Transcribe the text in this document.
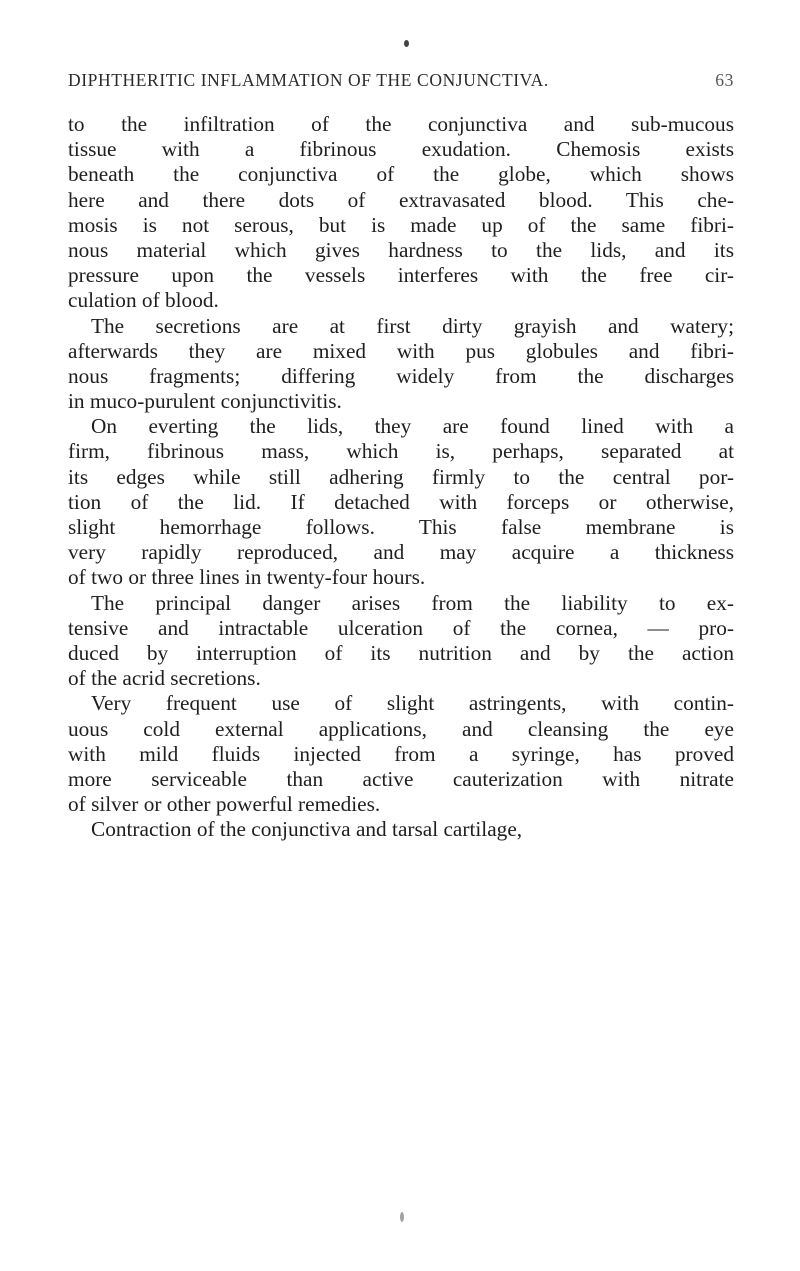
DIPHTHERITIC INFLAMMATION OF THE CONJUNCTIVA.	63
to the infiltration of the conjunctiva and sub-mucous
tissue with a fibrinous exudation. Chemosis exists
beneath the conjunctiva of the globe, which shows
here and there dots of extravasated blood. This che-
mosis is not serous, but is made up of the same fibri-
nous material which gives hardness to the lids, and its
pressure upon the vessels interferes with the free cir-
culation of blood.
The secretions are at first dirty grayish and watery;
afterwards they are mixed with pus globules and fibri-
nous fragments; differing widely from the discharges
in muco-purulent conjunctivitis.
On everting the lids, they are found lined with a
firm, fibrinous mass, which is, perhaps, separated at
its edges while still adhering firmly to the central por-
tion of the lid. If detached with forceps or otherwise,
slight hemorrhage follows. This false membrane is
very rapidly reproduced, and may acquire a thickness
of two or three lines in twenty-four hours.
The principal danger arises from the liability to ex-
tensive and intractable ulceration of the cornea, — pro-
duced by interruption of its nutrition and by the action
of the acrid secretions.
Very frequent use of slight astringents, with contin-
uous cold external applications, and cleansing the eye
with mild fluids injected from a syringe, has proved
more serviceable than active cauterization with nitrate
of silver or other powerful remedies.
Contraction of the conjunctiva and tarsal cartilage,
